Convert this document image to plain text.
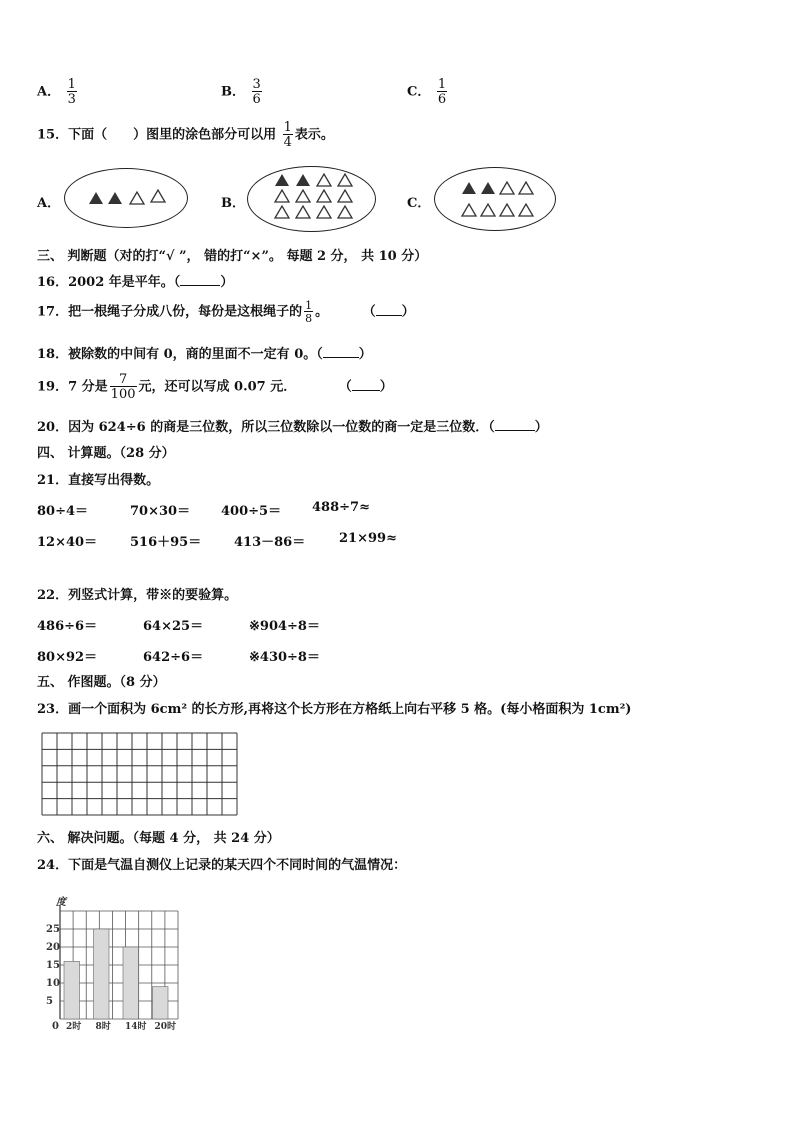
A． $\frac{1}{3}$	B． $\frac{3}{6}$	C． $\frac{1}{6}$
15．下面（ ）图里的涂色部分可以用 $\frac{1}{4}$ 表示。
A．	B．	C．
三、 判断题（对的打“√ ”， 错的打“×”。 每题 2 分， 共 10 分）
16．2002 年是平年。（	）
17．把一根绳子分成八份，每份是这根绳子的 $\frac{1}{8}$ 。	（ ）
18．被除数的中间有 0，商的里面不一定有 0。（	）
19．7 分是 $\frac{7}{100}$ 元，还可以写成 0.07 元．	（ ）
20．因为 624÷6 的商是三位数，所以三位数除以一位数的商一定是三位数．（	）
四、 计算题。（28 分）
21．直接写出得数。
80÷4＝	70×30＝ 400÷5＝ 488÷7≈
12×40＝	516＋95＝	413－86＝	21×99≈
22．列竖式计算，带※的要验算。
486÷6＝	64×25＝	※904÷8＝
80×92＝	642÷6＝	※430÷8＝
五、 作图题。（8 分）
23．画一个面积为 6cm² 的长方形,再将这个长方形在方格纸上向右平移 5 格。(每小格面积为 1cm²)
六、 解决问题。（每题 4 分， 共 24 分）
24．下面是气温自测仪上记录的某天四个不同时间的气温情况：
度
0
5
10
15
20
25
2时 8时 14时 20时
